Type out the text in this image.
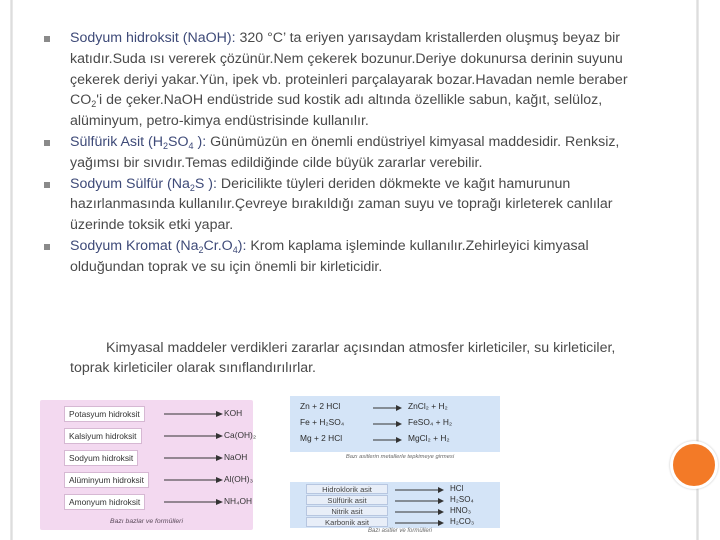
Sodyum hidroksit (NaOH): 320 °C’ ta eriyen yarısaydam kristallerden oluşmuş beyaz bir katıdır.Suda ısı vererek çözünür.Nem çekerek bozunur.Deriye dokunursa derinin suyunu çekerek deriyi yakar.Yün, ipek vb. proteinleri parçalayarak bozar.Havadan nemle beraber $CO_2'i$ de çeker.NaOH endüstride sud kostik adı altında özellikle sabun, kağıt, selüloz, alüminyum, petro-kimya endüstrisinde kullanılır.
Sülfürik Asit ($H_2SO_4$ ): Günümüzün en önemli endüstriyel kimyasal maddesidir. Renksiz, yağımsı bir sıvıdır.Temas edildiğinde cilde büyük zararlar verebilir.
Sodyum Sülfür ($Na_2S$ ): Dericilikte tüyleri deriden dökmekte ve kağıt hamurunun hazırlanmasında kullanılır.Çevreye bırakıldığı zaman suyu ve toprağı kirleterek canlılar üzerinde toksik etki yapar.
Sodyum Kromat $(Na_2Cr.O_4)$: Krom kaplama işleminde kullanılır.Zehirleyici kimyasal olduğundan toprak ve su için önemli bir kirleticidir.
Kimyasal maddeler verdikleri zararlar açısından atmosfer kirleticiler, su kirleticiler, toprak kirleticiler olarak sınıflandırılırlar.
Potasyum hidroksit	KOH
Kalsiyum hidroksit	Ca(OH)₂
Sodyum hidroksit	NaOH
Alüminyum hidroksit	Al(OH)₃
Amonyum hidroksit	NH₄OH
Bazı bazlar ve formülleri
Zn + 2 HCl	ZnCl₂ + H₂
Fe + H₂SO₄	FeSO₄ + H₂
Mg + 2 HCl	MgCl₂ + H₂
Bazı asitlerin metallerle tepkimeye girmesi
Hidroklorik asit	HCl
Sülfürik asit	H₂SO₄
Nitrik asit	HNO₃
Karbonik asit	H₂CO₃
Bazı asitler ve formülleri
